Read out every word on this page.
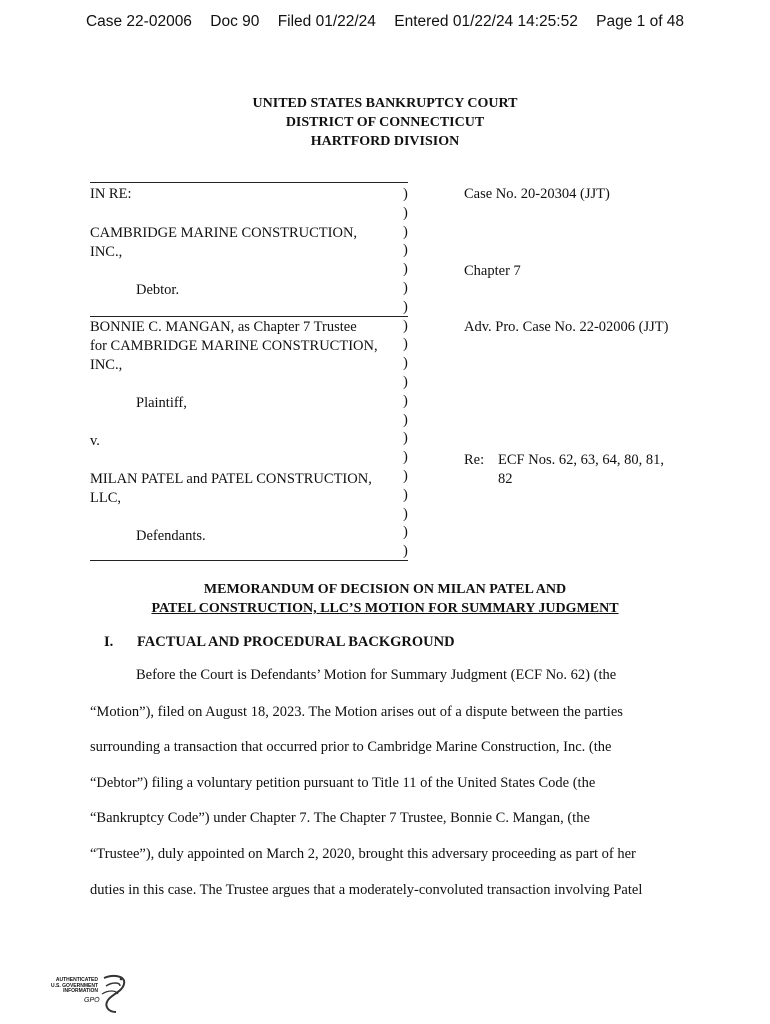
Case 22-02006 Doc 90 Filed 01/22/24 Entered 01/22/24 14:25:52 Page 1 of 48
UNITED STATES BANKRUPTCY COURT
DISTRICT OF CONNECTICUT
HARTFORD DIVISION
IN RE:
CAMBRIDGE MARINE CONSTRUCTION,
INC.,
Debtor.
BONNIE C. MANGAN, as Chapter 7 Trustee
for CAMBRIDGE MARINE CONSTRUCTION,
INC.,
Plaintiff,
v.
MILAN PATEL and PATEL CONSTRUCTION,
LLC,
Defendants.
)
)
)
)
)
)
)
)
)
)
)
)
)
)
)
)
)
)
)
)
Case No. 20-20304 (JJT)
Chapter 7
Adv. Pro. Case No. 22-02006 (JJT)
Re: ECF Nos. 62, 63, 64, 80, 81,
82
MEMORANDUM OF DECISION ON MILAN PATEL AND
PATEL CONSTRUCTION, LLC’S MOTION FOR SUMMARY JUDGMENT
I. FACTUAL AND PROCEDURAL BACKGROUND
Before the Court is Defendants’ Motion for Summary Judgment (ECF No. 62) (the
“Motion”), filed on August 18, 2023. The Motion arises out of a dispute between the parties
surrounding a transaction that occurred prior to Cambridge Marine Construction, Inc. (the
“Debtor”) filing a voluntary petition pursuant to Title 11 of the United States Code (the
“Bankruptcy Code”) under Chapter 7. The Chapter 7 Trustee, Bonnie C. Mangan, (the
“Trustee”), duly appointed on March 2, 2020, brought this adversary proceeding as part of her
duties in this case. The Trustee argues that a moderately-convoluted transaction involving Patel
AUTHENTICATED
U.S. GOVERNMENT
INFORMATION
GPO
